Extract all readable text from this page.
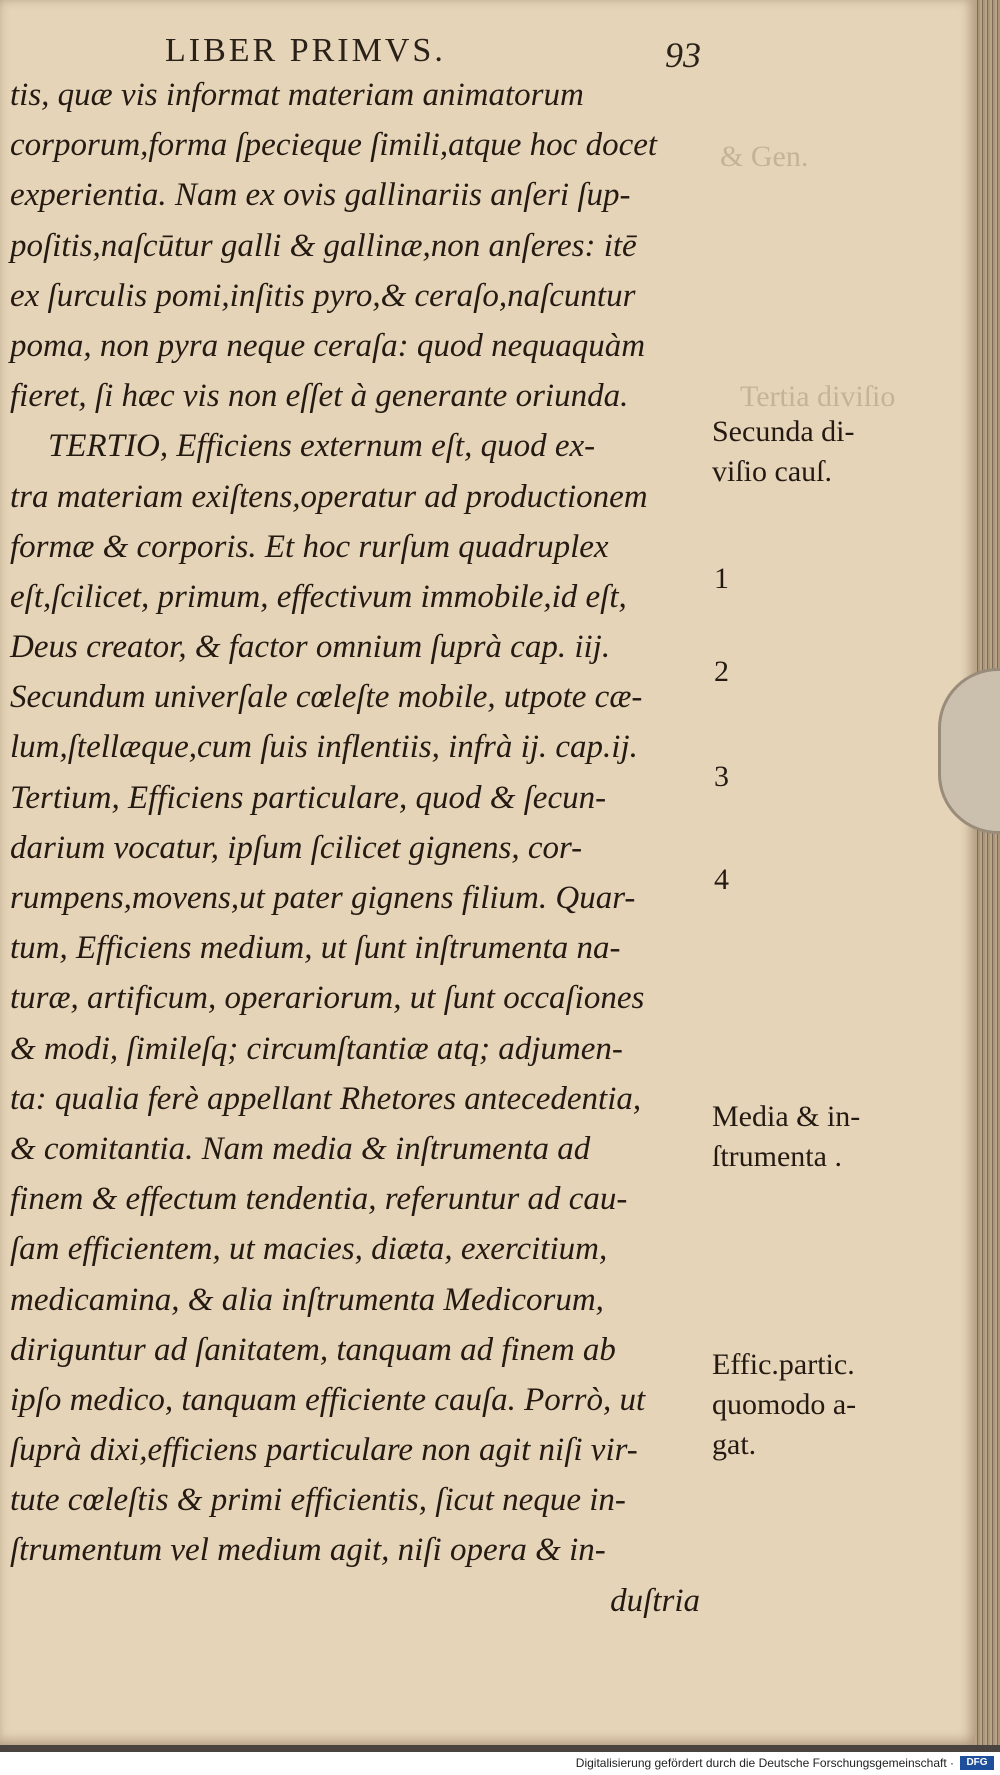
& Gen.
Tertia diviſio
LIBER PRIMVS.	93
tis, quæ vis informat materiam animatorum
corporum,forma ſpecieque ſimili,atque hoc docet
experientia. Nam ex ovis gallinariis anſeri ſup-
poſitis,naſcūtur galli & gallinæ,non anſeres: itē
ex ſurculis pomi,inſitis pyro,& ceraſo,naſcuntur
poma, non pyra neque ceraſa: quod nequaquàm
fieret, ſi hæc vis non eſſet à generante oriunda.
TERTIO, Efficiens externum eſt, quod ex-
tra materiam exiſtens,operatur ad productionem
formæ & corporis. Et hoc rurſum quadruplex
eſt,ſcilicet, primum, effectivum immobile,id eſt,
Deus creator, & factor omnium ſuprà cap. iij.
Secundum univerſale cœleſte mobile, utpote cæ-
lum,ſtellæque,cum ſuis inflentiis, infrà ij. cap.ij.
Tertium, Efficiens particulare, quod & ſecun-
darium vocatur, ipſum ſcilicet gignens, cor-
rumpens,movens,ut pater gignens filium. Quar-
tum, Efficiens medium, ut ſunt inſtrumenta na-
turæ, artificum, operariorum, ut ſunt occaſiones
& modi, ſimileſq; circumſtantiæ atq; adjumen-
ta: qualia ferè appellant Rhetores antecedentia,
& comitantia. Nam media & inſtrumenta ad
finem & effectum tendentia, referuntur ad cau-
ſam efficientem, ut macies, diæta, exercitium,
medicamina, & alia inſtrumenta Medicorum,
diriguntur ad ſanitatem, tanquam ad finem ab
ipſo medico, tanquam efficiente cauſa. Porrò, ut
ſuprà dixi,efficiens particulare non agit niſi vir-
tute cœleſtis & primi efficientis, ſicut neque in-
ſtrumentum vel medium agit, niſi opera & in-
duſtria
Secunda di-
viſio cauſ.
Media & in-
ſtrumenta .
Effic.partic.
quomodo a-
gat.
1
2
3
4
Digitalisierung gefördert durch die Deutsche Forschungsgemeinschaft ·	DFG
